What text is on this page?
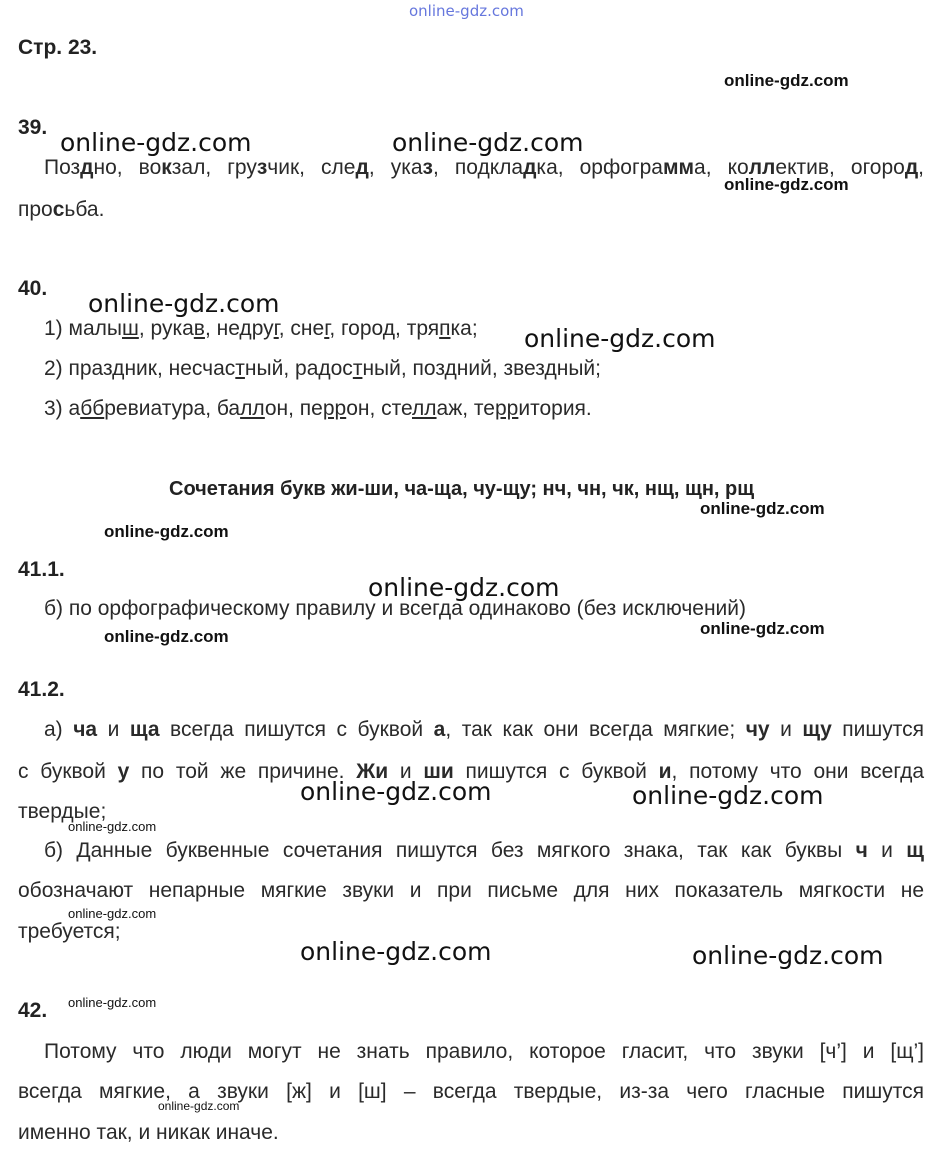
online-gdz.com
Стр. 23.
39.
Поздно, вокзал, грузчик, след, указ, подкладка, орфограмма, коллектив, огород,
просьба.
40.
1) малыш, рукав, недруг, снег, город, тряпка;
2) праздник, несчастный, радостный, поздний, звездный;
3) аббревиатура, баллон, перрон, стеллаж, территория.
Сочетания букв жи-ши, ча-ща, чу-щу; нч, чн, чк, нщ, щн, рщ
41.1.
б) по орфографическому правилу и всегда одинаково (без исключений)
41.2.
а) ча и ща всегда пишутся с буквой а, так как они всегда мягкие; чу и щу пишутся
с буквой у по той же причине. Жи и ши пишутся с буквой и, потому что они всегда
твердые;
б) Данные буквенные сочетания пишутся без мягкого знака, так как буквы ч и щ
обозначают непарные мягкие звуки и при письме для них показатель мягкости не
требуется;
42.
Потому что люди могут не знать правило, которое гласит, что звуки [ч’] и [щ’]
всегда мягкие, а звуки [ж] и [ш] – всегда твердые, из-за чего гласные пишутся
именно так, и никак иначе.
online-gdz.com
online-gdz.com	online-gdz.com
online-gdz.com
online-gdz.com
online-gdz.com
online-gdz.com
online-gdz.com
online-gdz.com
online-gdz.com
online-gdz.com
online-gdz.com	online-gdz.com
online-gdz.com
online-gdz.com
online-gdz.com	online-gdz.com
online-gdz.com
online-gdz.com
